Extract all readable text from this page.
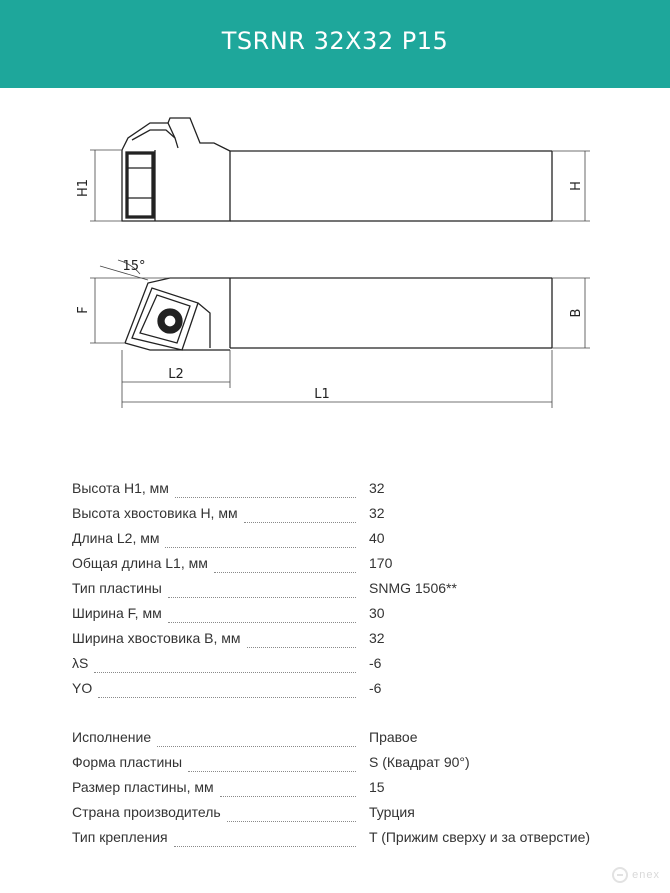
TSRNR 32X32 P15
H1	H
15°
F	B
L2
L1
Высота H1, мм	32
Высота хвостовика H, мм	32
Длина L2, мм	40
Общая длина L1, мм	170
Тип пластины	SNMG 1506**
Ширина F, мм	30
Ширина хвостовика B, мм	32
λS	-6
YO	-6
Исполнение	Правое
Форма пластины	S (Квадрат 90°)
Размер пластины, мм	15
Страна производитель	Турция
Тип крепления	T (Прижим сверху и за отверстие)
enex
